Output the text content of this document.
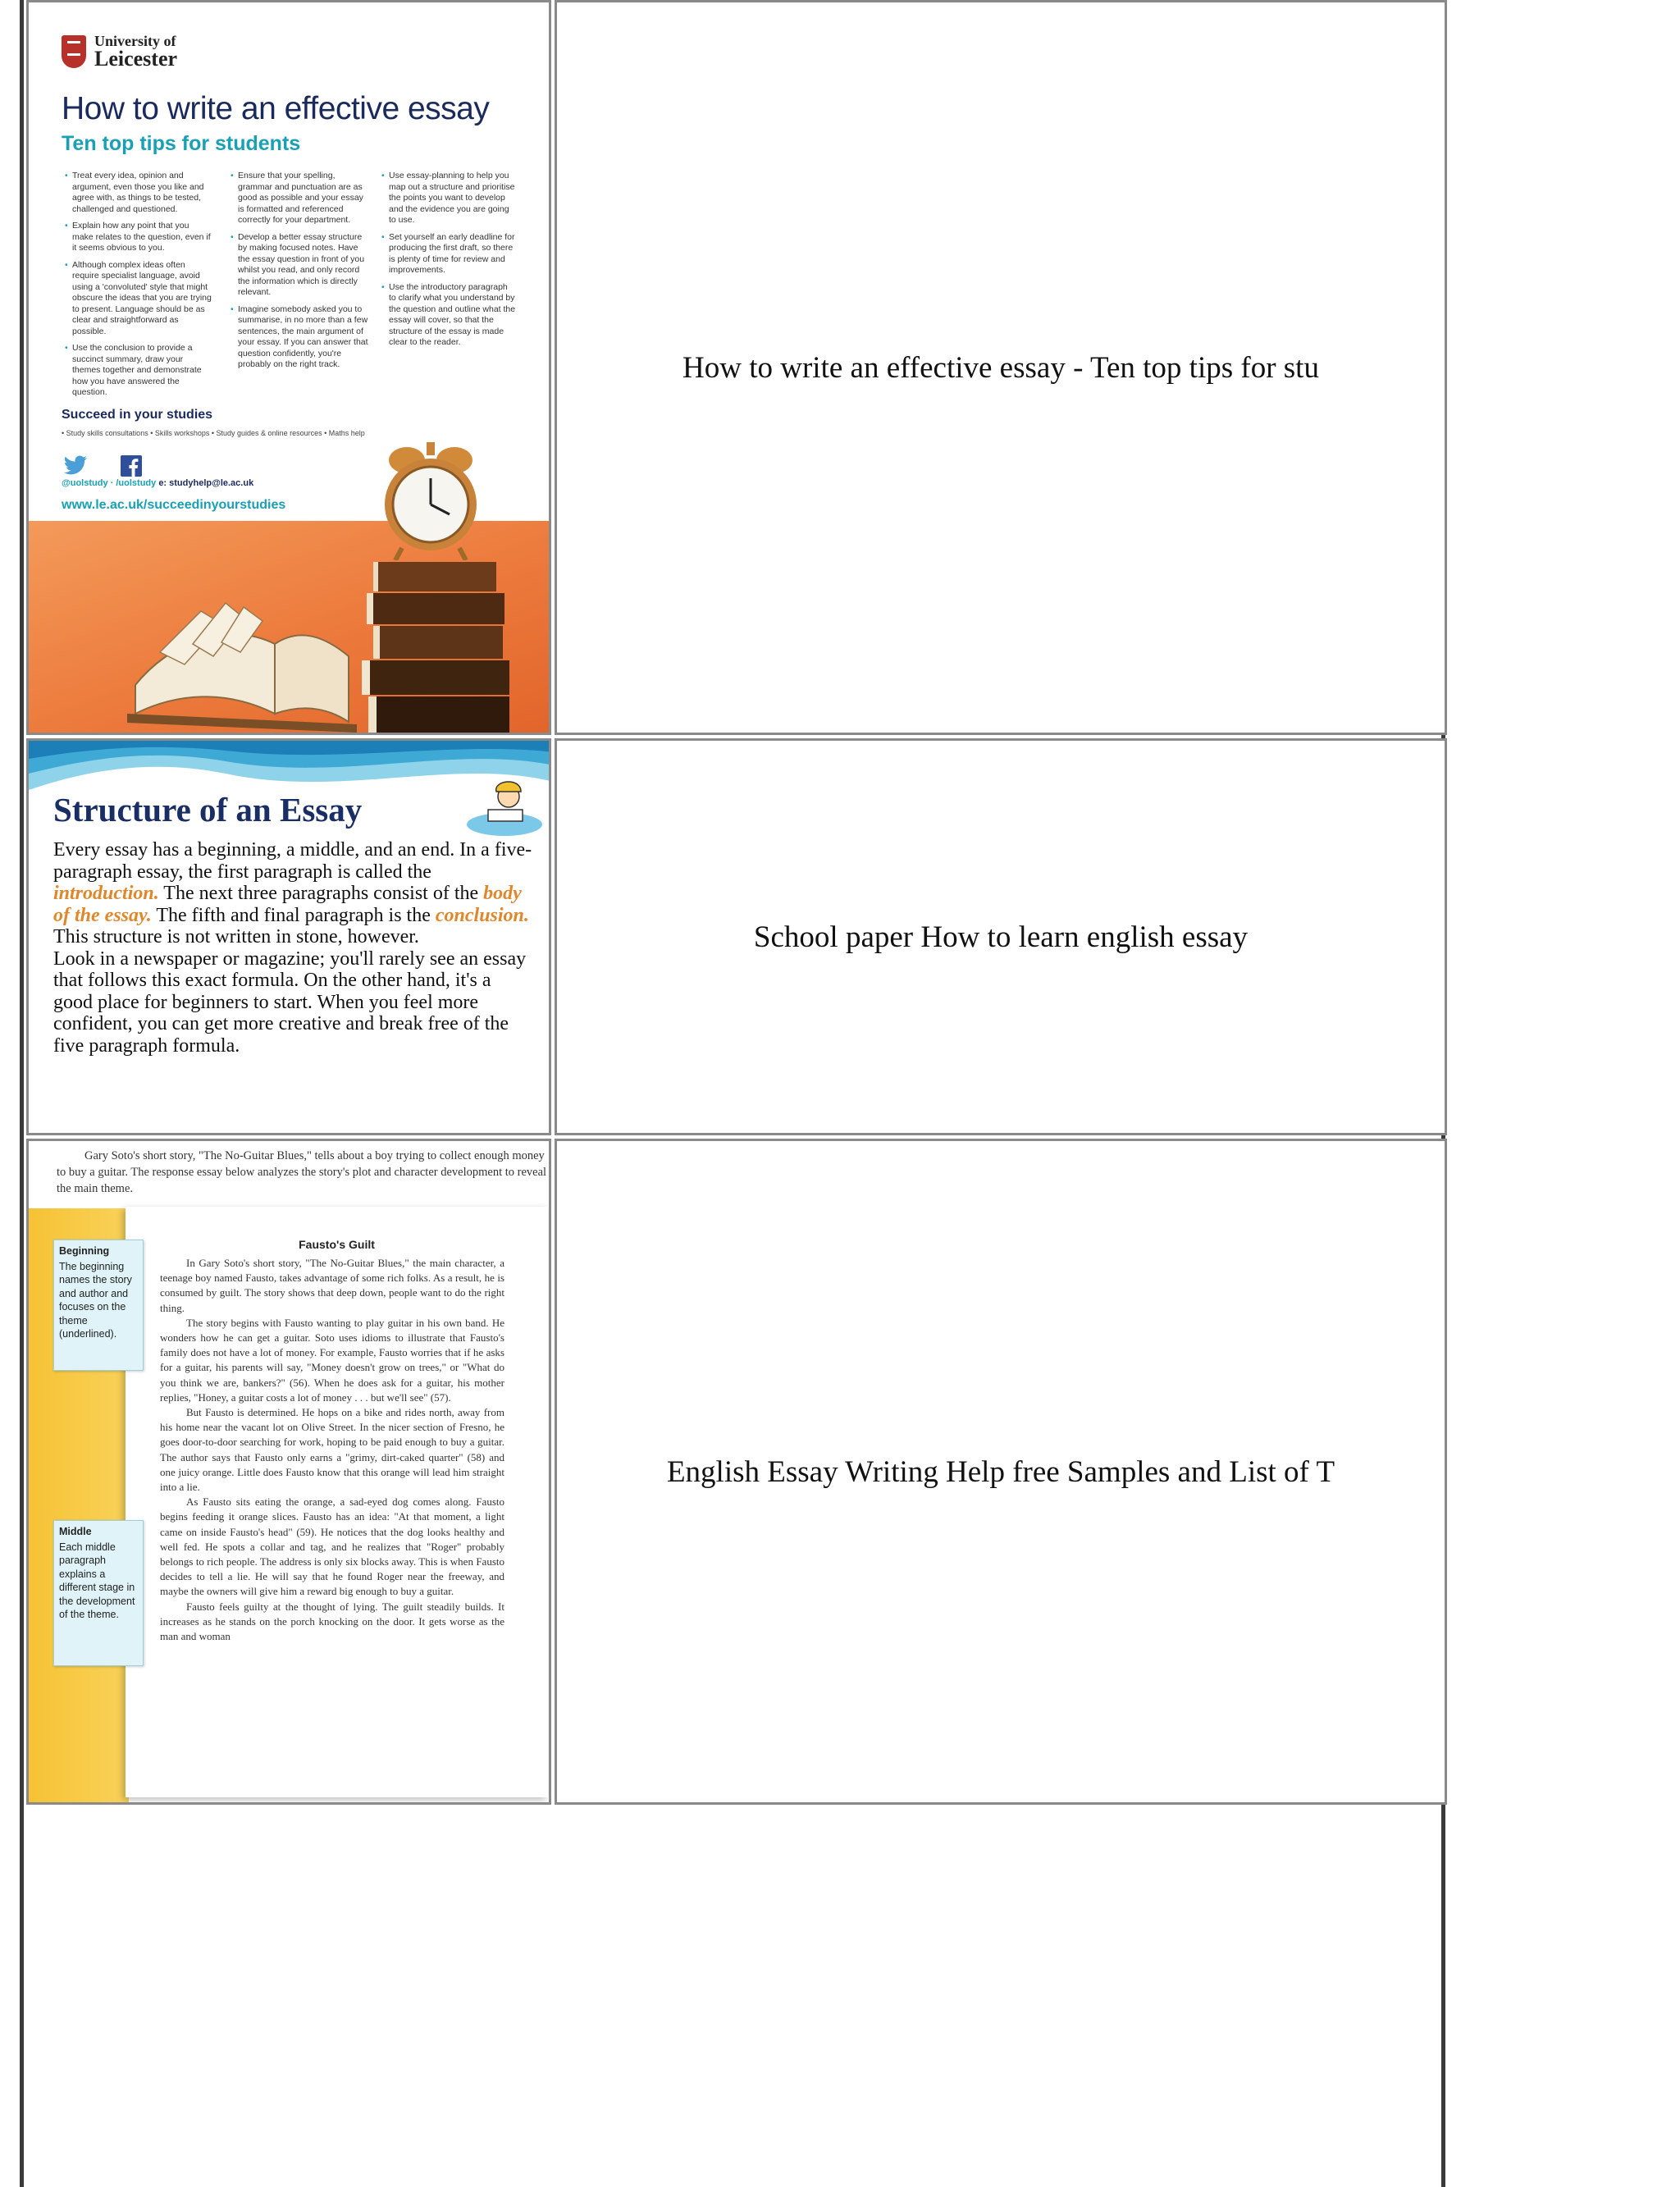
University of
Leicester
How to write an effective essay
Ten top tips for students

• Treat every idea, opinion and argument, even those you like and agree with, as things to be tested, challenged and questioned.

• Explain how any point that you make relates to the question, even if it seems obvious to you.

• Although complex ideas often require specialist language, avoid using a 'convoluted' style that might obscure the ideas that you are trying to present. Language should be as clear and straightforward as possible.

• Use the conclusion to provide a succinct summary, draw your themes together and demonstrate how you have answered the question.

• Ensure that your spelling, grammar and punctuation are as good as possible and your essay is formatted and referenced correctly for your department.

• Develop a better essay structure by making focused notes. Have the essay question in front of you whilst you read, and only record the information which is directly relevant.

• Imagine somebody asked you to summarise, in no more than a few sentences, the main argument of your essay. If you can answer that question confidently, you're probably on the right track.

• Use essay-planning to help you map out a structure and prioritise the points you want to develop and the evidence you are going to use.

• Set yourself an early deadline for producing the first draft, so there is plenty of time for review and improvements.

• Use the introductory paragraph to clarify what you understand by the question and outline what the essay will cover, so that the structure of the essay is made clear to the reader.

Succeed in your studies
• Study skills consultations • Skills workshops • Study guides & online resources • Maths help
@uolstudy · /uolstudy e: studyhelp@le.ac.uk
www.le.ac.uk/succeedinyourstudies
How to write an effective essay - Ten top tips for stu
Structure of an Essay
Every essay has a beginning, a middle, and an end. In a five-paragraph essay, the first paragraph is called the introduction. The next three paragraphs consist of the body of the essay. The fifth and final paragraph is the conclusion. This structure is not written in stone, however.
Look in a newspaper or magazine; you'll rarely see an essay that follows this exact formula. On the other hand, it's a good place for beginners to start. When you feel more
confident, you can get more creative and break free of the five paragraph formula.
School paper How to learn english essay
Gary Soto's short story, "The No-Guitar Blues," tells about a boy trying to collect enough money to buy a guitar. The response essay below analyzes the story's plot and character development to reveal the main theme.
Beginning
The beginning names the story and author and focuses on the theme (underlined).
Middle
Each middle paragraph explains a different stage in the development of the theme.
Fausto's Guilt

In Gary Soto's short story, "The No-Guitar Blues," the main character, a teenage boy named Fausto, takes advantage of some rich folks. As a result, he is consumed by guilt. The story shows that deep down, people want to do the right thing.

The story begins with Fausto wanting to play guitar in his own band. He wonders how he can get a guitar. Soto uses idioms to illustrate that Fausto's family does not have a lot of money. For example, Fausto worries that if he asks for a guitar, his parents will say, "Money doesn't grow on trees," or "What do you think we are, bankers?" (56). When he does ask for a guitar, his mother replies, "Honey, a guitar costs a lot of money . . . but we'll see" (57).

But Fausto is determined. He hops on a bike and rides north, away from his home near the vacant lot on Olive Street. In the nicer section of Fresno, he goes door-to-door searching for work, hoping to be paid enough to buy a guitar. The author says that Fausto only earns a "grimy, dirt-caked quarter" (58) and one juicy orange. Little does Fausto know that this orange will lead him straight into a lie.

As Fausto sits eating the orange, a sad-eyed dog comes along. Fausto begins feeding it orange slices. Fausto has an idea: "At that moment, a light came on inside Fausto's head" (59). He notices that the dog looks healthy and well fed. He spots a collar and tag, and he realizes that "Roger" probably belongs to rich people. The address is only six blocks away. This is when Fausto decides to tell a lie. He will say that he found Roger near the freeway, and maybe the owners will give him a reward big enough to buy a guitar.

Fausto feels guilty at the thought of lying. The guilt steadily builds. It increases as he stands on the porch knocking on the door. It gets worse as the man and woman

English Essay Writing Help free Samples and List of T
